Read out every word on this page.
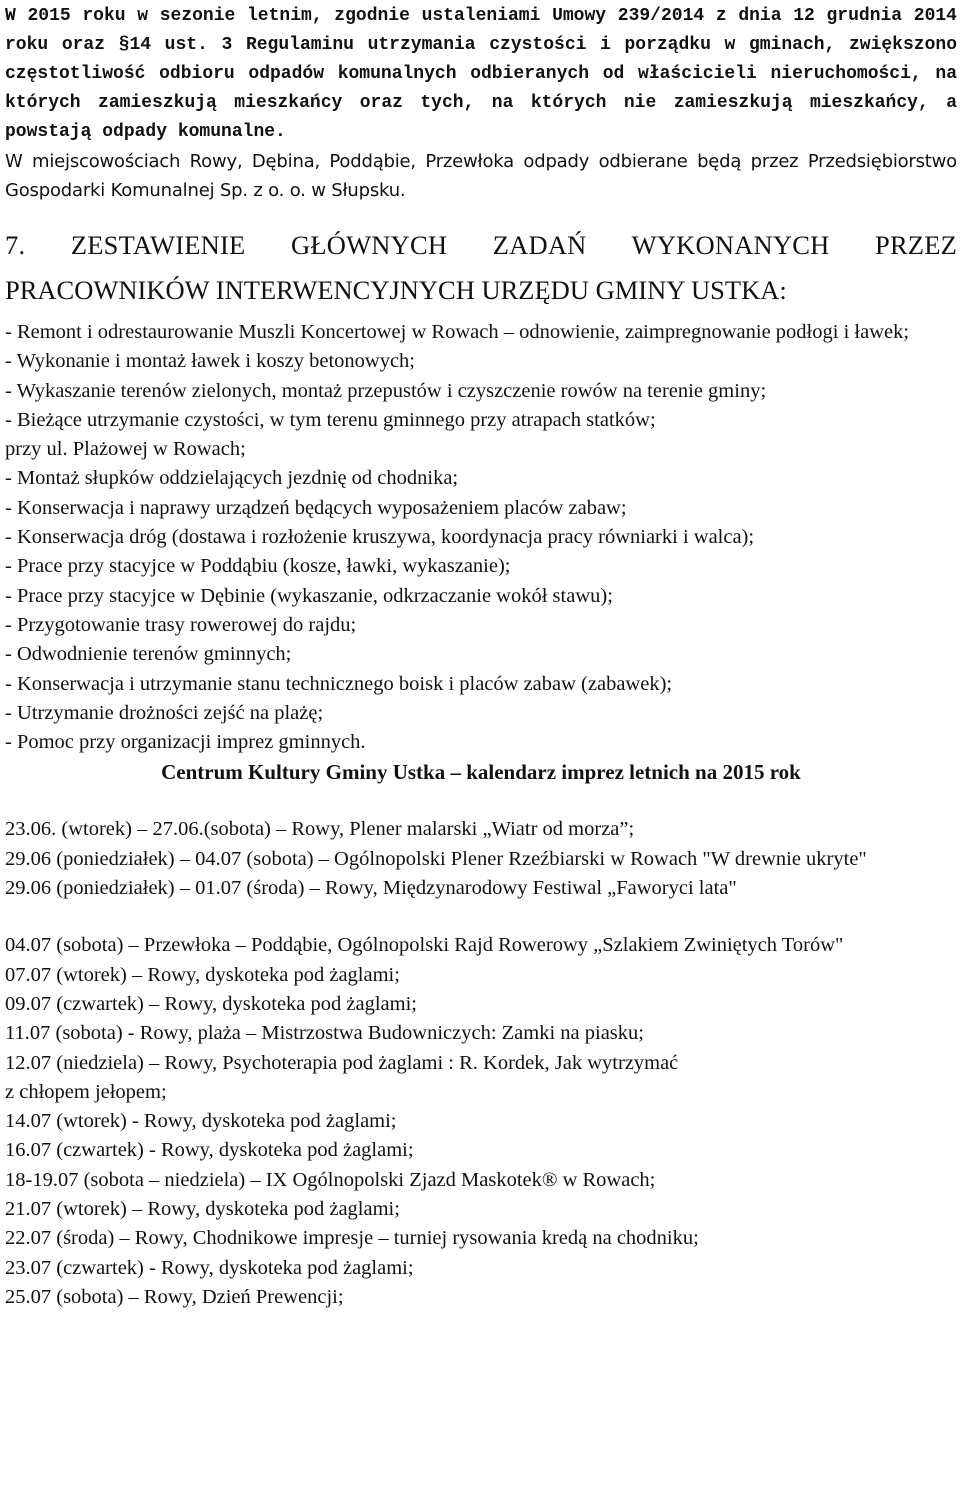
W 2015 roku w sezonie letnim, zgodnie ustaleniami Umowy 239/2014 z dnia 12 grudnia 2014 roku oraz §14 ust. 3 Regulaminu utrzymania czystości i porządku w gminach, zwiększono częstotliwość odbioru odpadów komunalnych odbieranych od właścicieli nieruchomości, na których zamieszkują mieszkańcy oraz tych, na których nie zamieszkują mieszkańcy, a powstają odpady komunalne.

W miejscowościach Rowy, Dębina, Poddąbie, Przewłoka odpady odbierane będą przez Przedsiębiorstwo Gospodarki Komunalnej Sp. z o. o. w Słupsku.

7. ZESTAWIENIE GŁÓWNYCH ZADAŃ WYKONANYCH PRZEZ
PRACOWNIKÓW INTERWENCYJNYCH URZĘDU GMINY USTKA:

- Remont i odrestaurowanie Muszli Koncertowej w Rowach – odnowienie, zaimpregnowanie podłogi i ławek;

- Wykonanie i montaż ławek i koszy betonowych;

- Wykaszanie terenów zielonych, montaż przepustów i czyszczenie rowów na terenie gminy;

- Bieżące utrzymanie czystości, w tym terenu gminnego przy atrapach statków;

przy ul. Plażowej w Rowach;

- Montaż słupków oddzielających jezdnię od chodnika;

- Konserwacja i naprawy urządzeń będących wyposażeniem placów zabaw;

- Konserwacja dróg (dostawa i rozłożenie kruszywa, koordynacja pracy równiarki i walca);

- Prace przy stacyjce w Poddąbiu (kosze, ławki, wykaszanie);

- Prace przy stacyjce w Dębinie (wykaszanie, odkrzaczanie wokół stawu);

- Przygotowanie trasy rowerowej do rajdu;

- Odwodnienie terenów gminnych;

- Konserwacja i utrzymanie stanu technicznego boisk i placów zabaw (zabawek);

- Utrzymanie drożności zejść na plażę;

- Pomoc przy organizacji imprez gminnych.

Centrum Kultury Gminy Ustka – kalendarz imprez letnich na 2015 rok

23.06. (wtorek) – 27.06.(sobota) – Rowy, Plener malarski „Wiatr od morza”;

29.06 (poniedziałek) – 04.07 (sobota) – Ogólnopolski Plener Rzeźbiarski w Rowach "W drewnie ukryte"

29.06 (poniedziałek) – 01.07 (środa) – Rowy, Międzynarodowy Festiwal „Faworyci lata"

04.07 (sobota) – Przewłoka – Poddąbie, Ogólnopolski Rajd Rowerowy „Szlakiem Zwiniętych Torów"

07.07 (wtorek) – Rowy, dyskoteka pod żaglami;

09.07 (czwartek) – Rowy, dyskoteka pod żaglami;

11.07 (sobota) - Rowy, plaża – Mistrzostwa Budowniczych: Zamki na piasku;

12.07 (niedziela) – Rowy, Psychoterapia pod żaglami : R. Kordek, Jak wytrzymać

z chłopem jełopem;

14.07 (wtorek) - Rowy, dyskoteka pod żaglami;

16.07 (czwartek) - Rowy, dyskoteka pod żaglami;

18-19.07 (sobota – niedziela) – IX Ogólnopolski Zjazd Maskotek® w Rowach;

21.07 (wtorek) – Rowy, dyskoteka pod żaglami;

22.07 (środa) – Rowy, Chodnikowe impresje – turniej rysowania kredą na chodniku;

23.07 (czwartek) - Rowy, dyskoteka pod żaglami;

25.07 (sobota) – Rowy, Dzień Prewencji;
